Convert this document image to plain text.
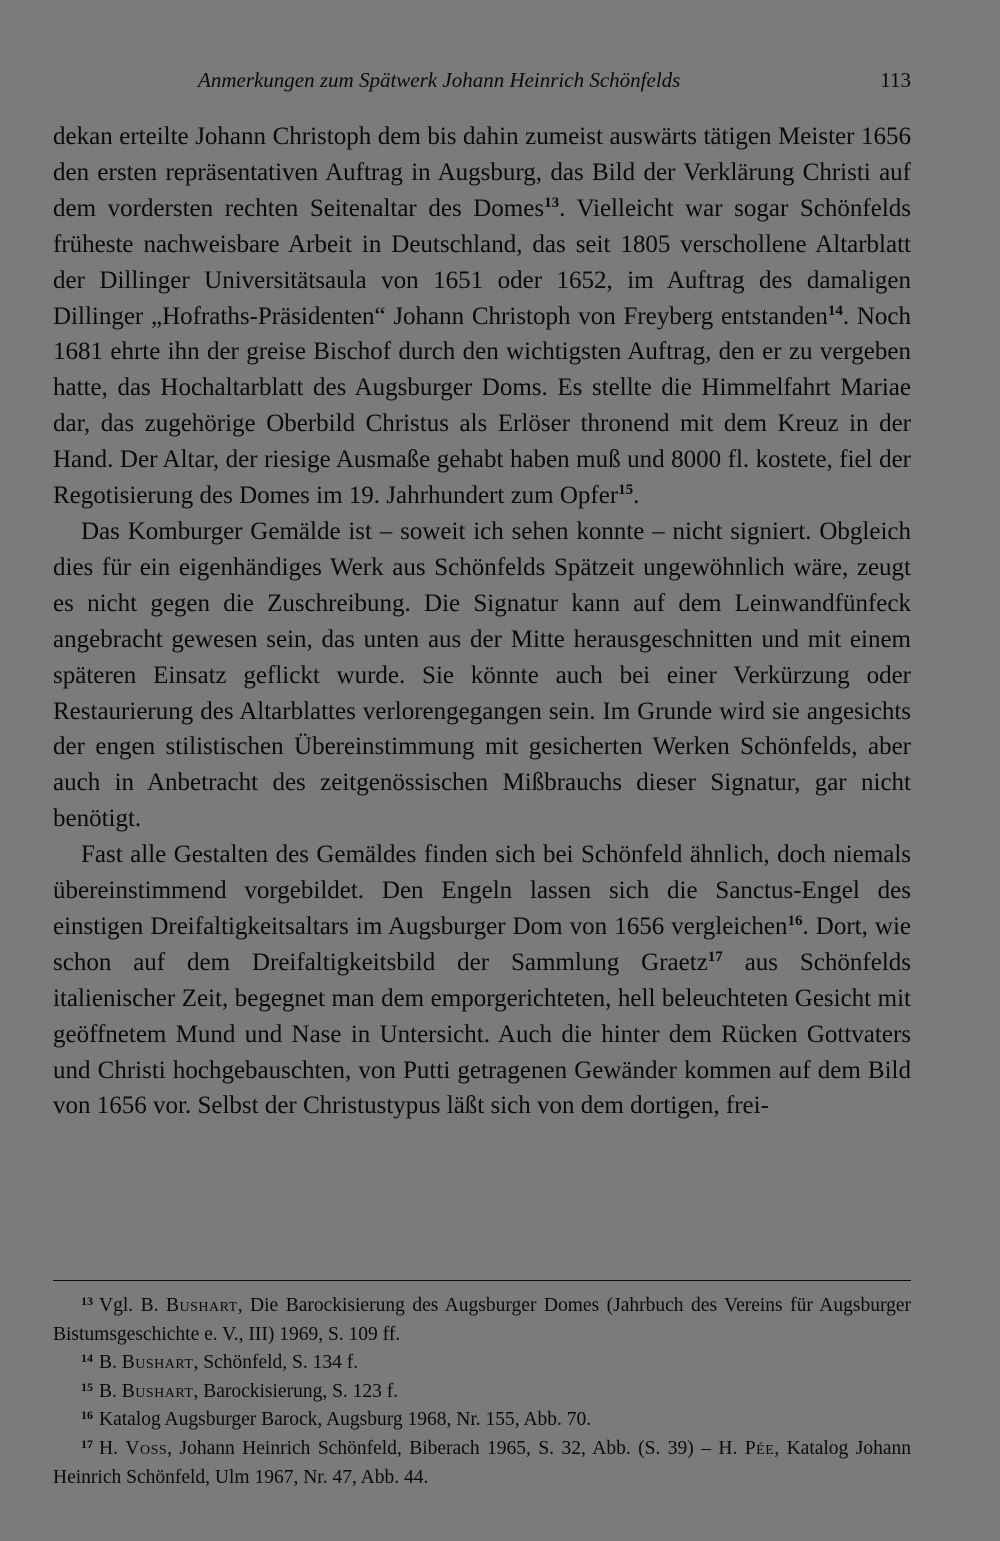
Anmerkungen zum Spätwerk Johann Heinrich Schönfelds	113

dekan erteilte Johann Christoph dem bis dahin zumeist auswärts tätigen Meister 1656 den ersten repräsentativen Auftrag in Augsburg, das Bild der Verklärung Christi auf dem vordersten rechten Seitenaltar des Domes$^{13}$. Vielleicht war sogar Schönfelds früheste nachweisbare Arbeit in Deutschland, das seit 1805 verschollene Altarblatt der Dillinger Universitätsaula von 1651 oder 1652, im Auftrag des damaligen Dillinger „Hofraths-Präsidenten“ Johann Christoph von Freyberg entstanden$^{14}$. Noch 1681 ehrte ihn der greise Bischof durch den wichtigsten Auftrag, den er zu vergeben hatte, das Hochaltarblatt des Augsburger Doms. Es stellte die Himmelfahrt Mariae dar, das zugehörige Oberbild Christus als Erlöser thronend mit dem Kreuz in der Hand. Der Altar, der riesige Ausmaße gehabt haben muß und 8000 fl. kostete, fiel der Regotisierung des Domes im 19. Jahrhundert zum Opfer$^{15}$.

Das Komburger Gemälde ist – soweit ich sehen konnte – nicht signiert. Obgleich dies für ein eigenhändiges Werk aus Schönfelds Spätzeit ungewöhnlich wäre, zeugt es nicht gegen die Zuschreibung. Die Signatur kann auf dem Leinwandfünfeck angebracht gewesen sein, das unten aus der Mitte herausgeschnitten und mit einem späteren Einsatz geflickt wurde. Sie könnte auch bei einer Verkürzung oder Restaurierung des Altarblattes verlorengegangen sein. Im Grunde wird sie angesichts der engen stilistischen Übereinstimmung mit gesicherten Werken Schönfelds, aber auch in Anbetracht des zeitgenössischen Mißbrauchs dieser Signatur, gar nicht benötigt.

Fast alle Gestalten des Gemäldes finden sich bei Schönfeld ähnlich, doch niemals übereinstimmend vorgebildet. Den Engeln lassen sich die Sanctus-Engel des einstigen Dreifaltigkeitsaltars im Augsburger Dom von 1656 vergleichen$^{16}$. Dort, wie schon auf dem Dreifaltigkeitsbild der Sammlung Graetz$^{17}$ aus Schönfelds italienischer Zeit, begegnet man dem emporgerichteten, hell beleuchteten Gesicht mit geöffnetem Mund und Nase in Untersicht. Auch die hinter dem Rücken Gottvaters und Christi hochgebauschten, von Putti getragenen Gewänder kommen auf dem Bild von 1656 vor. Selbst der Christustypus läßt sich von dem dortigen, frei-

$^{13}$ Vgl. B. Bushart, Die Barockisierung des Augsburger Domes (Jahrbuch des Vereins für Augsburger Bistumsgeschichte e. V., III) 1969, S. 109 ff.

$^{14}$ B. Bushart, Schönfeld, S. 134 f.

$^{15}$ B. Bushart, Barockisierung, S. 123 f.

$^{16}$ Katalog Augsburger Barock, Augsburg 1968, Nr. 155, Abb. 70.

$^{17}$ H. Voss, Johann Heinrich Schönfeld, Biberach 1965, S. 32, Abb. (S. 39) – H. Pée, Katalog Johann Heinrich Schönfeld, Ulm 1967, Nr. 47, Abb. 44.
